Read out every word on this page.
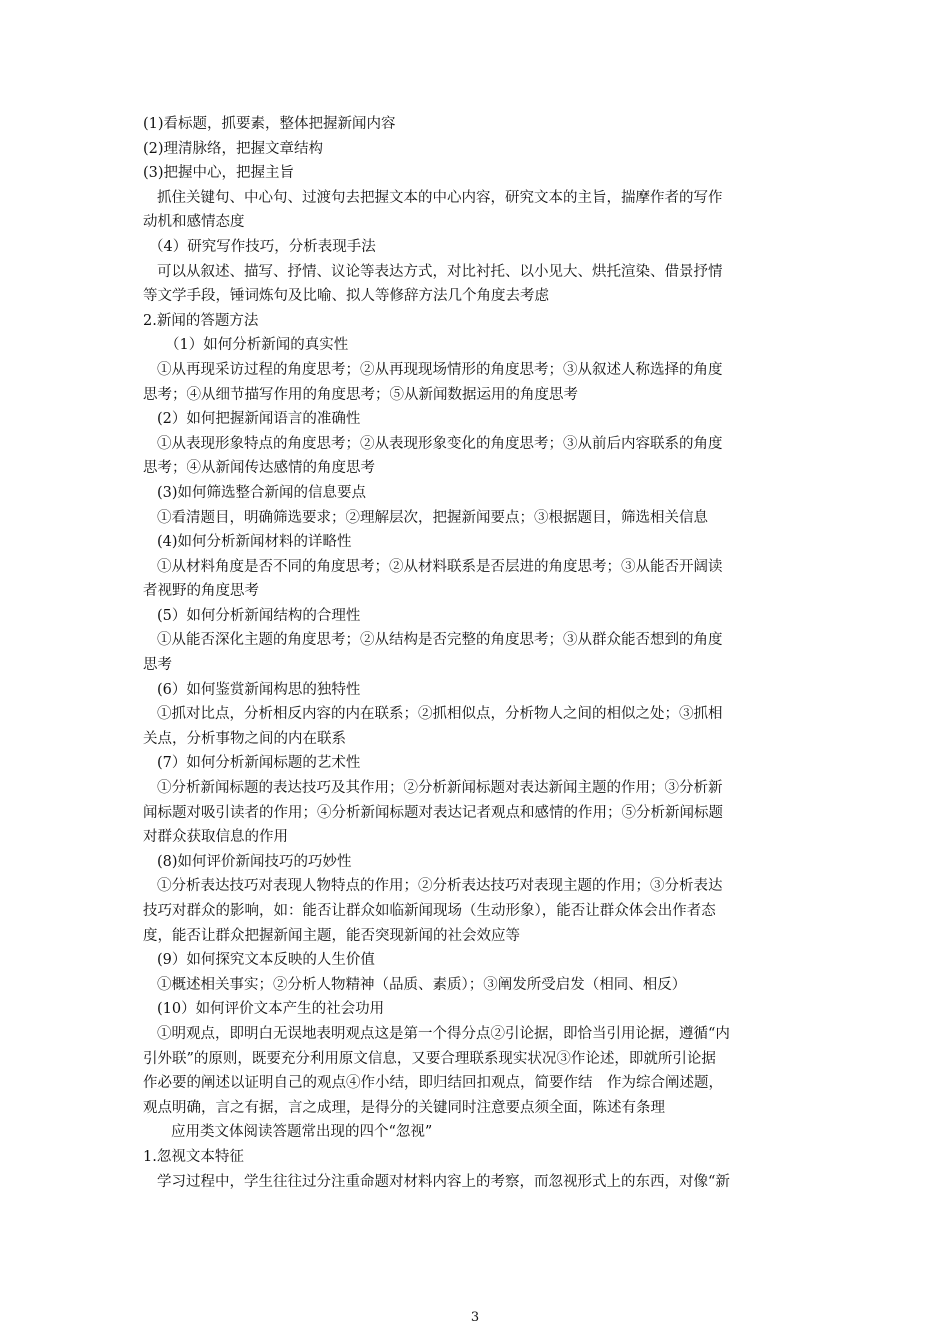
(1)看标题，抓要素，整体把握新闻内容
(2)理清脉络，把握文章结构
(3)把握中心，把握主旨
抓住关键句、中心句、过渡句去把握文本的中心内容，研究文本的主旨，揣摩作者的写作
动机和感情态度
（4）研究写作技巧，分析表现手法
可以从叙述、描写、抒情、议论等表达方式，对比衬托、以小见大、烘托渲染、借景抒情
等文学手段，锤词炼句及比喻、拟人等修辞方法几个角度去考虑
2.新闻的答题方法
（1）如何分析新闻的真实性
①从再现采访过程的角度思考；②从再现现场情形的角度思考；③从叙述人称选择的角度
思考；④从细节描写作用的角度思考；⑤从新闻数据运用的角度思考
(2）如何把握新闻语言的准确性
①从表现形象特点的角度思考；②从表现形象变化的角度思考；③从前后内容联系的角度
思考；④从新闻传达感情的角度思考
(3)如何筛选整合新闻的信息要点
①看清题目，明确筛选要求；②理解层次，把握新闻要点；③根据题目，筛选相关信息
(4)如何分析新闻材料的详略性
①从材料角度是否不同的角度思考；②从材料联系是否层进的角度思考；③从能否开阔读
者视野的角度思考
(5）如何分析新闻结构的合理性
①从能否深化主题的角度思考；②从结构是否完整的角度思考；③从群众能否想到的角度
思考
(6）如何鉴赏新闻构思的独特性
①抓对比点，分析相反内容的内在联系；②抓相似点，分析物人之间的相似之处；③抓相
关点，分析事物之间的内在联系
(7）如何分析新闻标题的艺术性
①分析新闻标题的表达技巧及其作用；②分析新闻标题对表达新闻主题的作用；③分析新
闻标题对吸引读者的作用；④分析新闻标题对表达记者观点和感情的作用；⑤分析新闻标题
对群众获取信息的作用
(8)如何评价新闻技巧的巧妙性
①分析表达技巧对表现人物特点的作用；②分析表达技巧对表现主题的作用；③分析表达
技巧对群众的影响，如：能否让群众如临新闻现场（生动形象），能否让群众体会出作者态
度，能否让群众把握新闻主题，能否突现新闻的社会效应等
(9）如何探究文本反映的人生价值
①概述相关事实；②分析人物精神（品质、素质）；③阐发所受启发（相同、相反）
(10）如何评价文本产生的社会功用
①明观点，即明白无误地表明观点这是第一个得分点②引论据，即恰当引用论据，遵循“内
引外联”的原则，既要充分利用原文信息，又要合理联系现实状况③作论述，即就所引论据
作必要的阐述以证明自己的观点④作小结，即归结回扣观点，简要作结　作为综合阐述题，
观点明确，言之有据，言之成理，是得分的关键同时注意要点须全面，陈述有条理
应用类文体阅读答题常出现的四个“忽视”
1.忽视文本特征
学习过程中，学生往往过分注重命题对材料内容上的考察，而忽视形式上的东西，对像“新
3
